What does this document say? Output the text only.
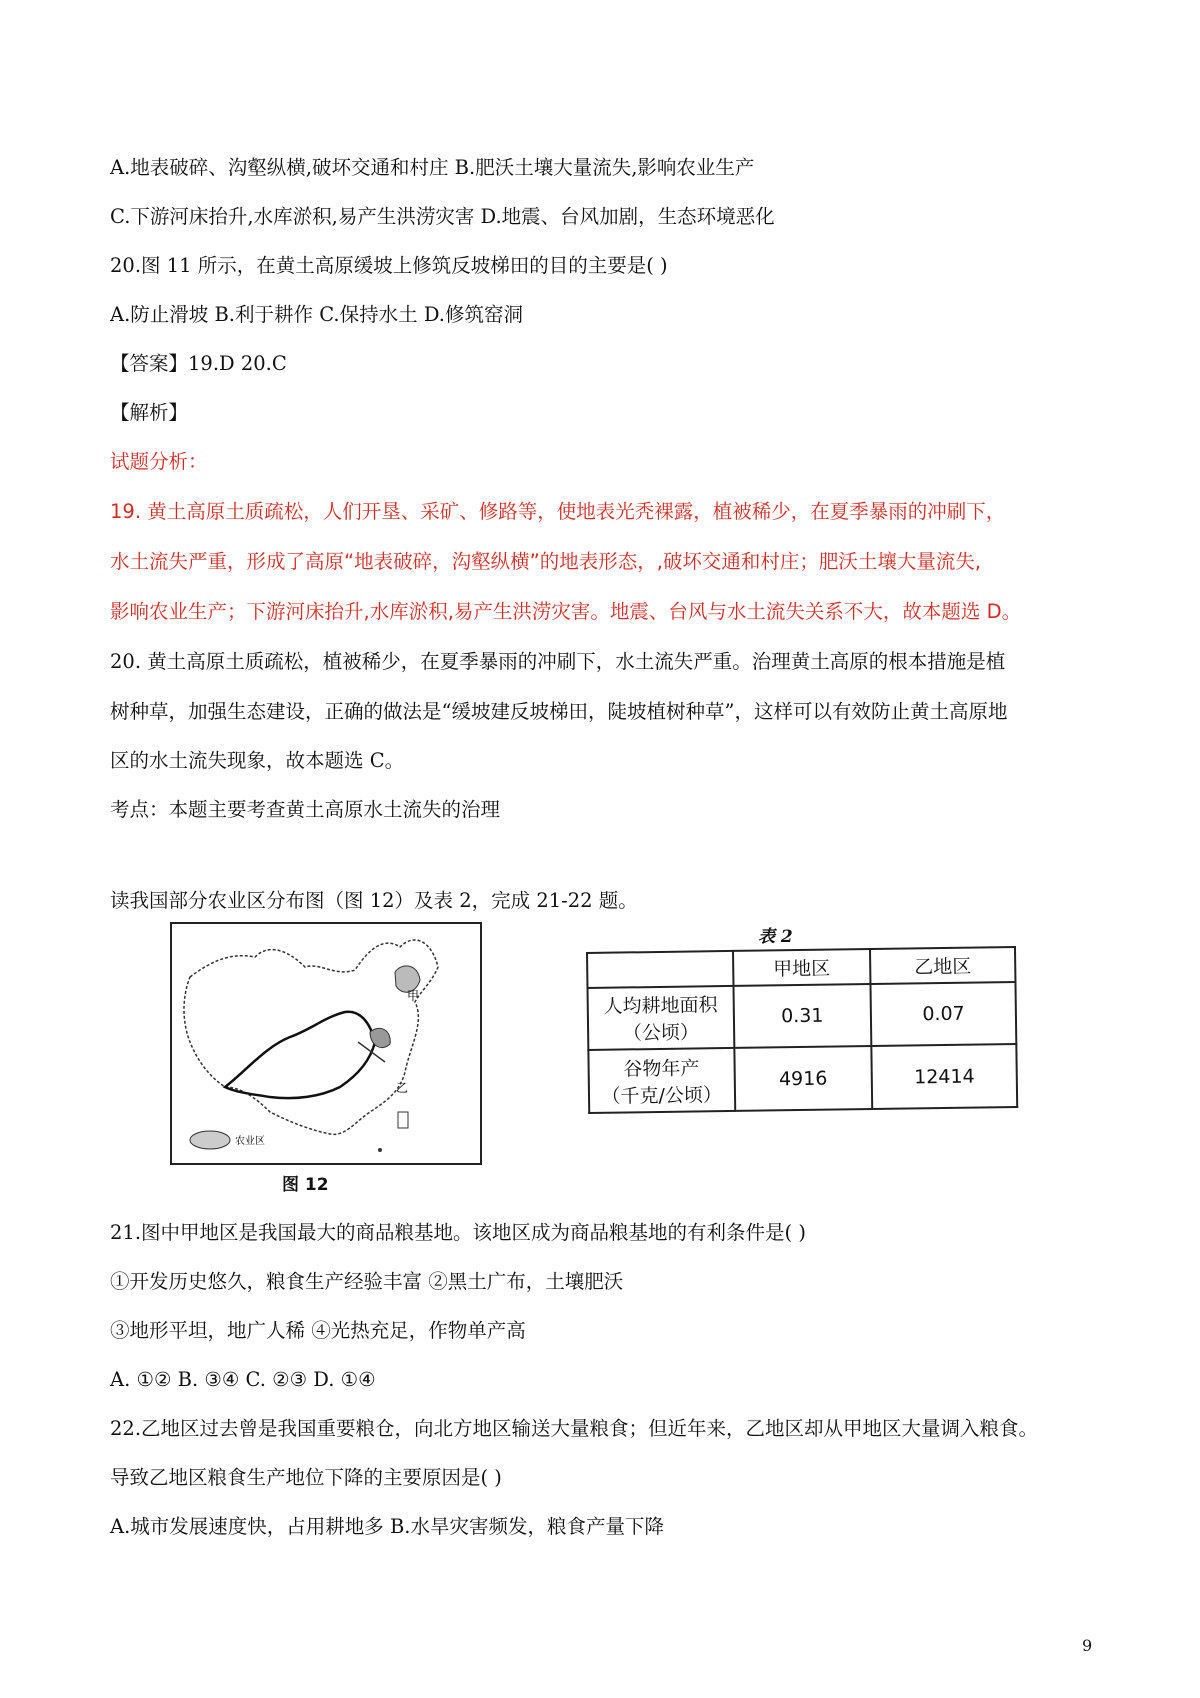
A.地表破碎、沟壑纵横,破坏交通和村庄 B.肥沃土壤大量流失,影响农业生产
C.下游河床抬升,水库淤积,易产生洪涝灾害 D.地震、台风加剧，生态环境恶化
20.图 11 所示，在黄土高原缓坡上修筑反坡梯田的目的主要是( )
A.防止滑坡 B.利于耕作 C.保持水土 D.修筑窑洞
【答案】19.D 20.C
【解析】
试题分析：
19. 黄土高原土质疏松，人们开垦、采矿、修路等，使地表光秃裸露，植被稀少，在夏季暴雨的冲刷下，
水土流失严重，形成了高原“地表破碎，沟壑纵横”的地表形态，,破坏交通和村庄；肥沃土壤大量流失,
影响农业生产；下游河床抬升,水库淤积,易产生洪涝灾害。地震、台风与水土流失关系不大，故本题选 D。
20. 黄土高原土质疏松，植被稀少，在夏季暴雨的冲刷下，水土流失严重。治理黄土高原的根本措施是植
树种草，加强生态建设，正确的做法是“缓坡建反坡梯田，陡坡植树种草”，这样可以有效防止黄土高原地
区的水土流失现象，故本题选 C。
考点：本题主要考查黄土高原水土流失的治理
读我国部分农业区分布图（图 12）及表 2，完成 21-22 题。
甲
乙
农业区
图 12
表 2
	甲地区	乙地区

人均耕地面积
（公顷）	0.31	0.07

谷物年产
（千克/公顷）	4916	12414
21.图中甲地区是我国最大的商品粮基地。该地区成为商品粮基地的有利条件是( )
①开发历史悠久，粮食生产经验丰富 ②黑土广布，土壤肥沃
③地形平坦，地广人稀 ④光热充足，作物单产高
A. ①② B. ③④ C. ②③ D. ①④
22.乙地区过去曾是我国重要粮仓，向北方地区输送大量粮食；但近年来，乙地区却从甲地区大量调入粮食。
导致乙地区粮食生产地位下降的主要原因是( )
A.城市发展速度快，占用耕地多 B.水旱灾害频发，粮食产量下降
9
